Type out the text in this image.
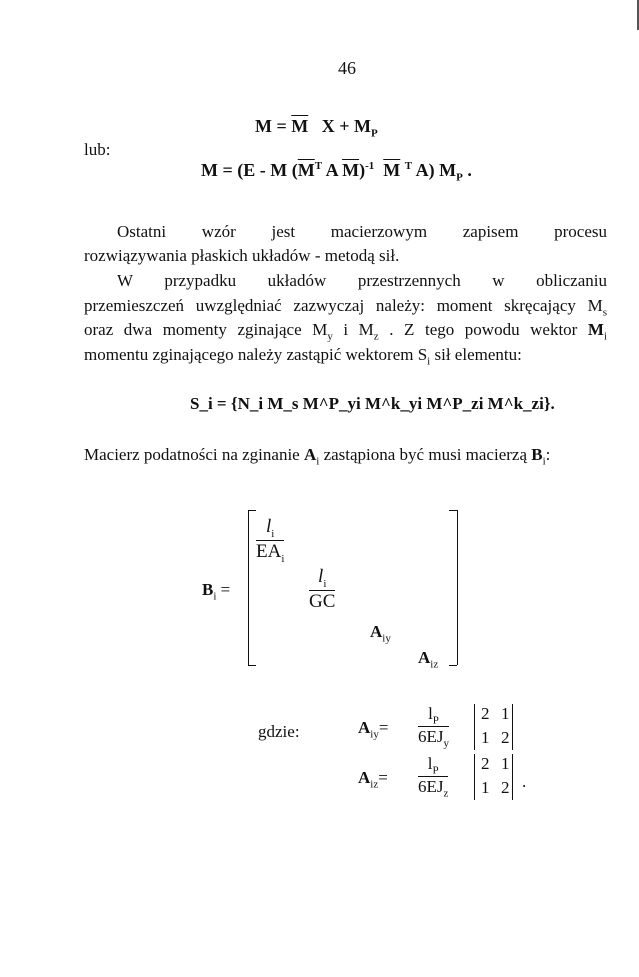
46
$M = \overline{M}$ $X + M_P$
lub:
M = (E - M ($\overline{M}^T$ A $\overline{M})^{-1}$ $\overline{M}$ $^T$ A) $M_P$ .
Ostatni wzór jest macierzowym zapisem procesu
rozwiązywania płaskich układów - metodą sił.
W przypadku układów przestrzennych w obliczaniu
przemieszczeń uwzględniać zazwyczaj należy: moment skręcający $M_s$
oraz dwa momenty zginające $M_y$ i $M_z$ . Z tego powodu wektor $M_i$
momentu zginającego należy zastąpić wektorem $S_i$ sił elementu:
S_i = {N_i M_s M^P_yi M^k_yi M^P_zi M^k_zi}.
Macierz podatności na zginanie $A_i$ zastąpiona być musi macierzą $B_i$:
$B_i$ =
$l_i$
$EA_i$
$\frac{l_i}{GC}$
$A_{iy}$
$A_{iz}$
gdzie:	$A_{iy}=$
$l_P$
$6EJ_y$
2 1
1 2
$A_{iz}=$
$l_P$
$6EJ_z$
2 1
1 2 .
